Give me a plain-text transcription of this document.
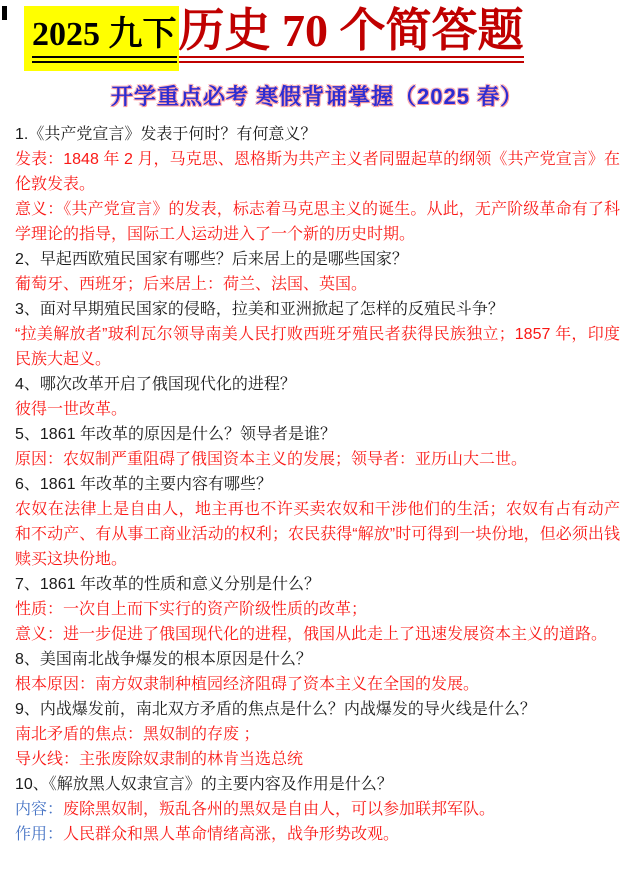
2025 九下历史 70 个简答题
开学重点必考 寒假背诵掌握（2025 春）

1.《共产党宣言》发表于何时？有何意义？

发表：1848 年 2 月，马克思、恩格斯为共产主义者同盟起草的纲领《共产党宣言》在伦敦发表。

意义：《共产党宣言》的发表，标志着马克思主义的诞生。从此，无产阶级革命有了科学理论的指导，国际工人运动进入了一个新的历史时期。

2、早起西欧殖民国家有哪些？后来居上的是哪些国家？

葡萄牙、西班牙；后来居上：荷兰、法国、英国。

3、面对早期殖民国家的侵略，拉美和亚洲掀起了怎样的反殖民斗争？

“拉美解放者”玻利瓦尔领导南美人民打败西班牙殖民者获得民族独立；1857 年，印度民族大起义。

4、哪次改革开启了俄国现代化的进程？

彼得一世改革。

5、1861 年改革的原因是什么？领导者是谁？

原因：农奴制严重阻碍了俄国资本主义的发展；领导者：亚历山大二世。

6、1861 年改革的主要内容有哪些？

农奴在法律上是自由人，地主再也不许买卖农奴和干涉他们的生活；农奴有占有动产和不动产、有从事工商业活动的权利；农民获得“解放”时可得到一块份地，但必须出钱赎买这块份地。

7、1861 年改革的性质和意义分别是什么？

性质：一次自上而下实行的资产阶级性质的改革；

意义：进一步促进了俄国现代化的进程，俄国从此走上了迅速发展资本主义的道路。

8、美国南北战争爆发的根本原因是什么？

根本原因：南方奴隶制种植园经济阻碍了资本主义在全国的发展。

9、内战爆发前，南北双方矛盾的焦点是什么？内战爆发的导火线是什么？

南北矛盾的焦点：黑奴制的存废 ；

导火线：主张废除奴隶制的林肯当选总统

10、《解放黑人奴隶宣言》的主要内容及作用是什么？

内容：废除黑奴制，叛乱各州的黑奴是自由人，可以参加联邦军队。

作用：人民群众和黑人革命情绪高涨，战争形势改观。
